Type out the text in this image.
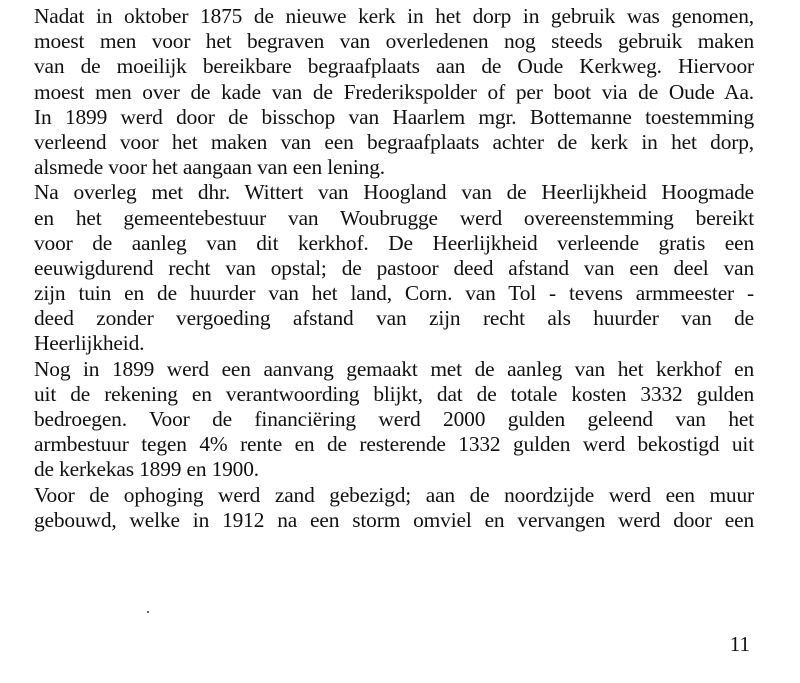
Nadat in oktober 1875 de nieuwe kerk in het dorp in gebruik was genomen,
moest men voor het begraven van overledenen nog steeds gebruik maken
van de moeilijk bereikbare begraafplaats aan de Oude Kerkweg. Hiervoor
moest men over de kade van de Frederikspolder of per boot via de Oude Aa.
In 1899 werd door de bisschop van Haarlem mgr. Bottemanne toestemming
verleend voor het maken van een begraafplaats achter de kerk in het dorp,
alsmede voor het aangaan van een lening.
Na overleg met dhr. Wittert van Hoogland van de Heerlijkheid Hoogmade
en het gemeentebestuur van Woubrugge werd overeenstemming bereikt
voor de aanleg van dit kerkhof. De Heerlijkheid verleende gratis een
eeuwigdurend recht van opstal; de pastoor deed afstand van een deel van
zijn tuin en de huurder van het land, Corn. van Tol - tevens armmeester -
deed zonder vergoeding afstand van zijn recht als huurder van de
Heerlijkheid.
Nog in 1899 werd een aanvang gemaakt met de aanleg van het kerkhof en
uit de rekening en verantwoording blijkt, dat de totale kosten 3332 gulden
bedroegen. Voor de financiëring werd 2000 gulden geleend van het
armbestuur tegen 4% rente en de resterende 1332 gulden werd bekostigd uit
de kerkekas 1899 en 1900.
Voor de ophoging werd zand gebezigd; aan de noordzijde werd een muur
gebouwd, welke in 1912 na een storm omviel en vervangen werd door een
11
